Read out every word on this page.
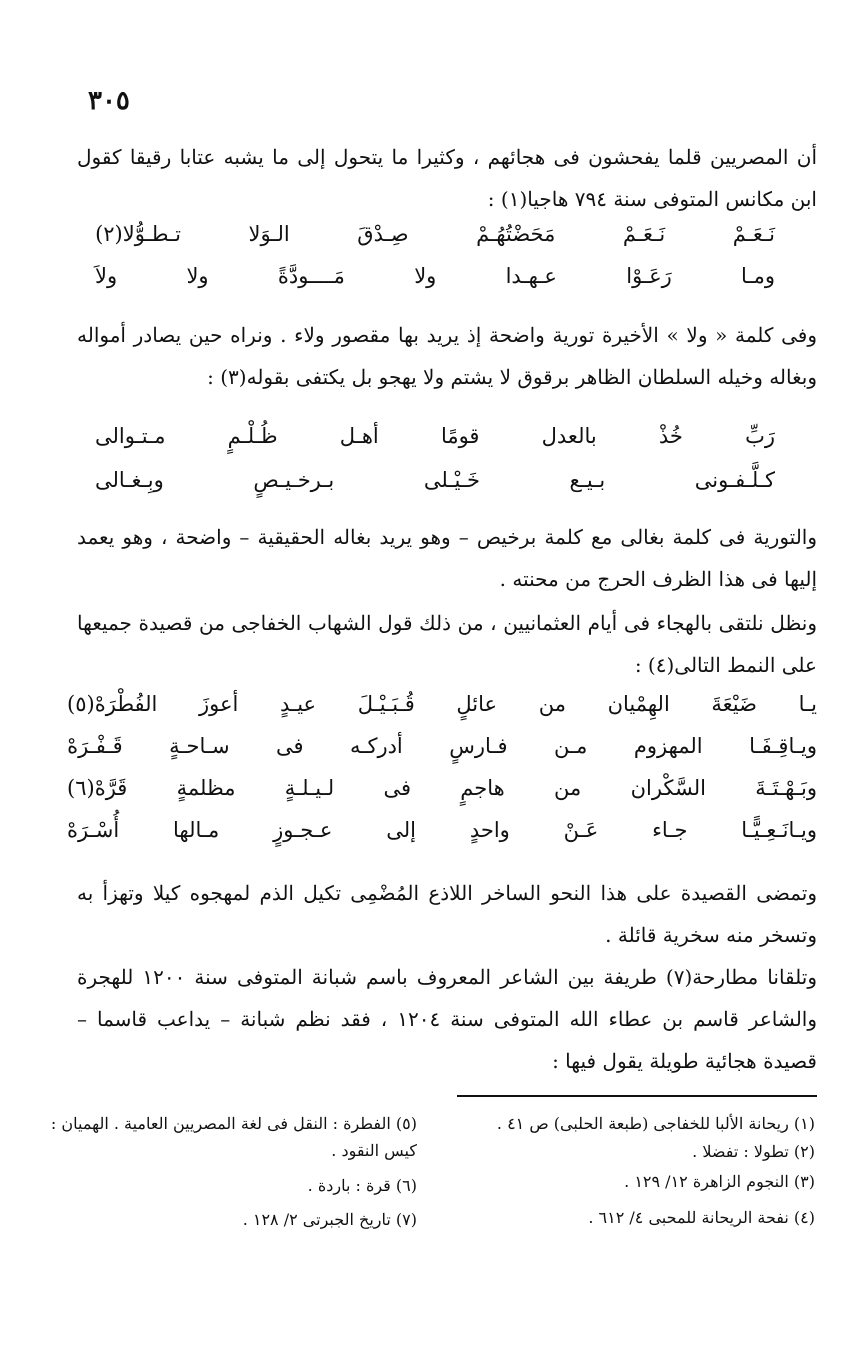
٣٠٥

أن المصريين قلما يفحشون فى هجائهم ، وكثيرا ما يتحول إلى ما يشبه عتابا رقيقا كقول ابن مكانس المتوفى سنة ٧٩٤ هاجيا(١) :

نَـعَـمْ
نَـعَـمْ
مَحَضْتُهُـمْ
صِـدْقَ
الـوَلا
تـطـوُّلا(٢)
ومـا
رَعَـوْا
عـهـدا
ولا
مَــــودَّةً
ولا
ولاَ

وفى كلمة « ولا » الأخيرة تورية واضحة إذ يريد بها مقصور ولاء . ونراه حين يصادر أمواله وبغاله وخيله السلطان الظاهر برقوق لا يشتم ولا يهجو بل يكتفى بقوله(٣) :

رَبِّ
خُذْ
بالعدل
قومًا
أهـل
ظُـلْـمٍ
مـتـوالى
كـلَّـفـونى
بـيـع
خَـيْـلى
بـرخـيـصٍ
وبِـغـالى

والتورية فى كلمة بغالى مع كلمة برخيص – وهو يريد بغاله الحقيقية – واضحة ، وهو يعمد إليها فى هذا الظرف الحرج من محنته .

ونظل نلتقى بالهجاء فى أيام العثمانيين ، من ذلك قول الشهاب الخفاجى من قصيدة جميعها على النمط التالى(٤) :

يـا
ضَيْعَةَ
الهِمْيان
من
عائلٍ
قُـبَـيْـلَ
عيـدٍ
أعوزَ
الفُطْرَهْ(٥)
ويـاقِـفَـا
المهزوم
مـن
فـارسٍ
أدركـه
فى
سـاحـةٍ
قَـفْـرَهْ
وبَـهْـتَـةَ
السَّكْران
من
هاجمٍ
فى
لـيـلـةٍ
مظلمةٍ
قَرَّهْ(٦)
ويـانَـعِـيًّـا
جـاء
عَـنْ
واحدٍ
إلى
عـجـوزٍ
مـالها
أُسْـرَهْ

وتمضى القصيدة على هذا النحو الساخر اللاذع المُضْمِى تكيل الذم لمهجوه كيلا وتهزأ به وتسخر منه سخرية قائلة .

وتلقانا مطارحة(٧) طريفة بين الشاعر المعروف باسم شبانة المتوفى سنة ١٢٠٠ للهجرة والشاعر قاسم بن عطاء الله المتوفى سنة ١٢٠٤ ، فقد نظم شبانة – يداعب قاسما – قصيدة هجائية طويلة يقول فيها :

(١) ريحانة الألبا للخفاجى (طبعة الحلبى) ص ٤١ .

(٢) تطولا : تفضلا .

(٣) النجوم الزاهرة ١٢/ ١٢٩ .

(٤) نفحة الريحانة للمحبى ٤/ ٦١٢ .

(٥) الفطرة : النقل فى لغة المصريين العامية . الهميان : كيس النقود .

(٦) قرة : باردة .

(٧) تاريخ الجبرتى ٢/ ١٢٨ .
